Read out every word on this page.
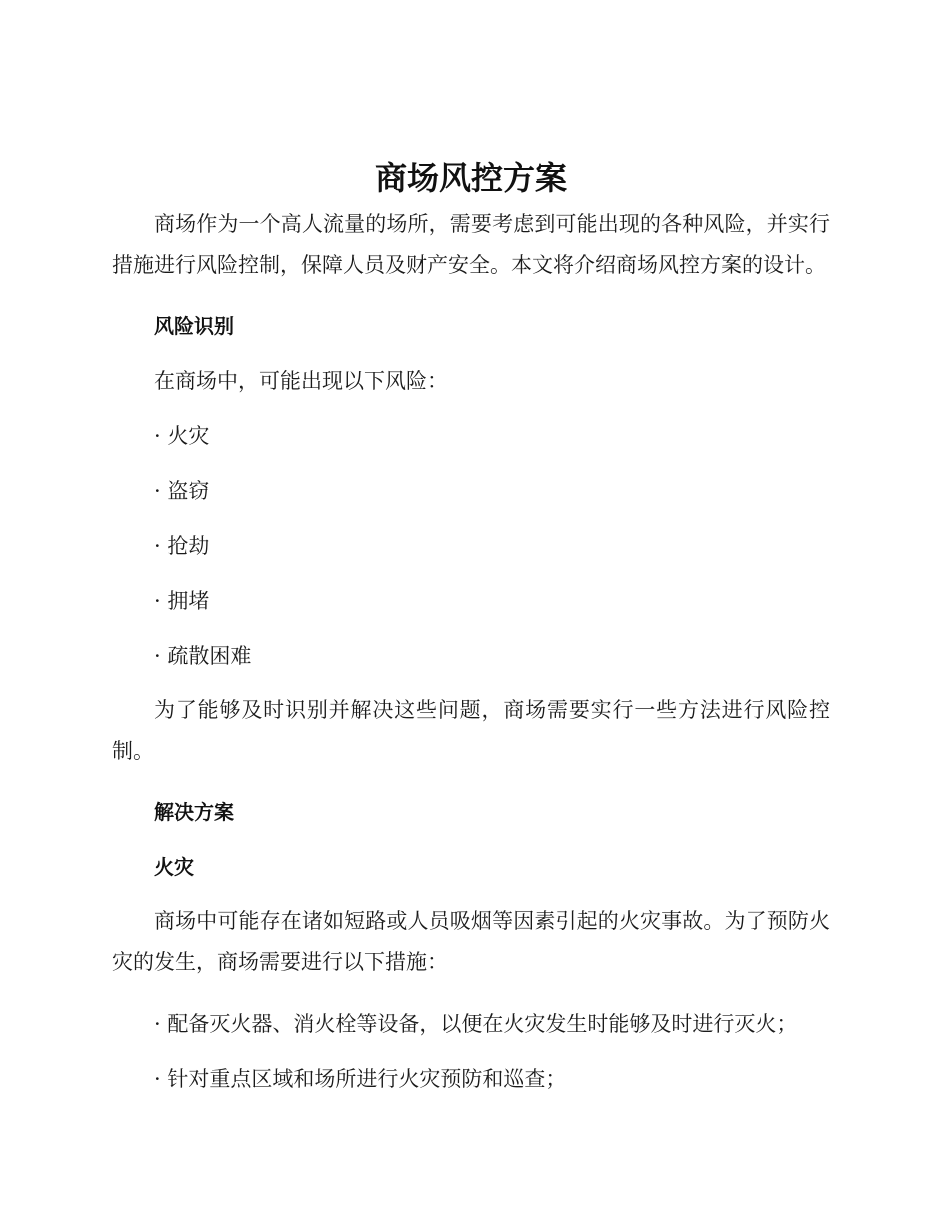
商场风控方案

商场作为一个高人流量的场所，需要考虑到可能出现的各种风险，并实行措施进行风险控制，保障人员及财产安全。本文将介绍商场风控方案的设计。

风险识别

在商场中，可能出现以下风险：

· 火灾

· 盗窃

· 抢劫

· 拥堵

· 疏散困难

为了能够及时识别并解决这些问题，商场需要实行一些方法进行风险控制。

解决方案
火灾

商场中可能存在诸如短路或人员吸烟等因素引起的火灾事故。为了预防火灾的发生，商场需要进行以下措施：

· 配备灭火器、消火栓等设备，以便在火灾发生时能够及时进行灭火；

· 针对重点区域和场所进行火灾预防和巡查；
